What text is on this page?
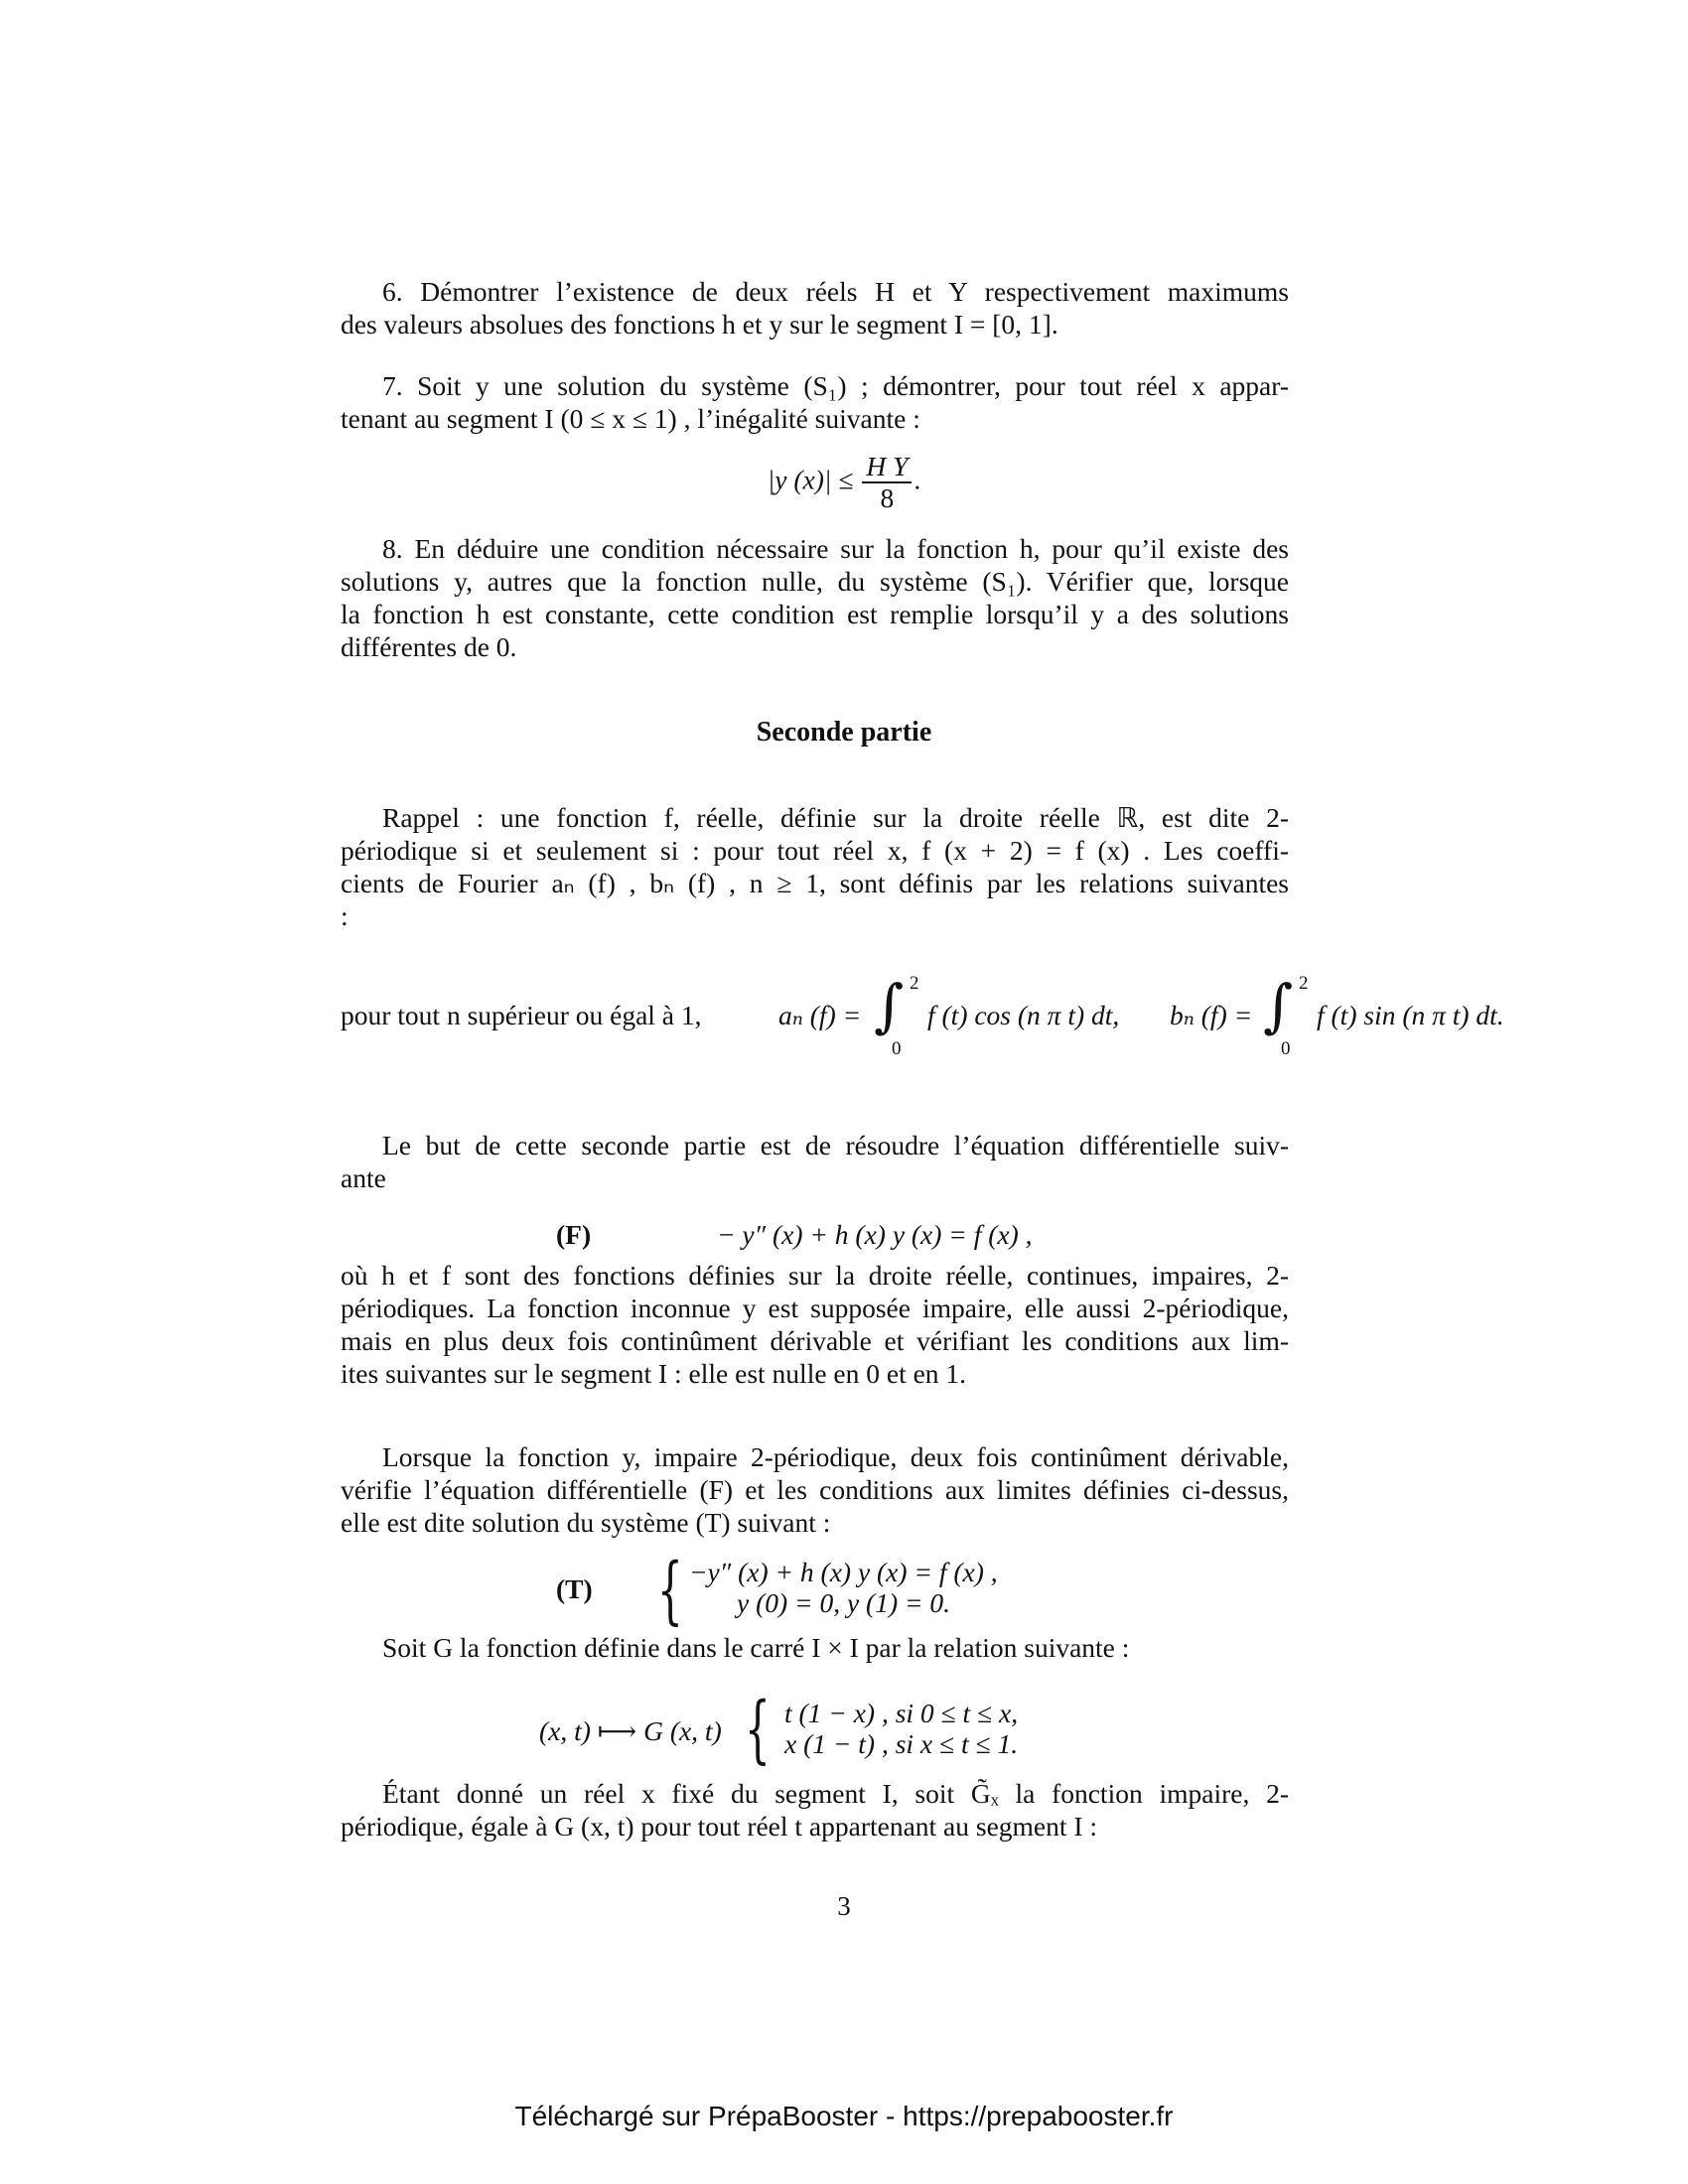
6. Démontrer l’existence de deux réels H et Y respectivement maximums
des valeurs absolues des fonctions h et y sur le segment I = [0, 1].
7. Soit y une solution du système (S₁) ; démontrer, pour tout réel x appar-
tenant au segment I (0 ≤ x ≤ 1) , l’inégalité suivante :
|y $(x)| \le \frac{\text{H Y}}{8}$ .
8. En déduire une condition nécessaire sur la fonction h, pour qu’il existe des
solutions y, autres que la fonction nulle, du système (S₁). Vérifier que, lorsque
la fonction h est constante, cette condition est remplie lorsqu’il y a des solutions
différentes de 0.
Seconde partie
Rappel : une fonction f, réelle, définie sur la droite réelle ℝ, est dite 2-
périodique si et seulement si : pour tout réel x, f (x + 2) = f (x) . Les coeffi-
cients de Fourier aₙ (f) , bₙ (f) , n ≥ 1, sont définis par les relations suivantes
:
pour tout n supérieur ou égal à 1,	aₙ (f) = ∫ 2
0
f (t) cos (n π t) dt, bₙ (f) = ∫ 2
0
f (t) sin (n π t) dt.
Le but de cette seconde partie est de résoudre l’équation différentielle suiv-
ante
(F)	− y″ (x) + h (x) y (x) = f (x) ,
où h et f sont des fonctions définies sur la droite réelle, continues, impaires, 2-
périodiques. La fonction inconnue y est supposée impaire, elle aussi 2-périodique,
mais en plus deux fois continûment dérivable et vérifiant les conditions aux lim-
ites suivantes sur le segment I : elle est nulle en 0 et en 1.
Lorsque la fonction y, impaire 2-périodique, deux fois continûment dérivable,
vérifie l’équation différentielle (F) et les conditions aux limites définies ci-dessus,
elle est dite solution du système (T) suivant :
(T) { −y″ (x) + h (x) y (x) = f (x) ,
y (0) = 0, y (1) = 0.
Soit G la fonction définie dans le carré I × I par la relation suivante :
(x, t) ⟼ G (x, t) { t (1 − x) , si 0 ≤ t ≤ x,
x (1 − t) , si x ≤ t ≤ 1.
Étant donné un réel x fixé du segment I, soit G̃ₓ la fonction impaire, 2-
périodique, égale à G (x, t) pour tout réel t appartenant au segment I :
3
Téléchargé sur PrépaBooster - https://prepabooster.fr
